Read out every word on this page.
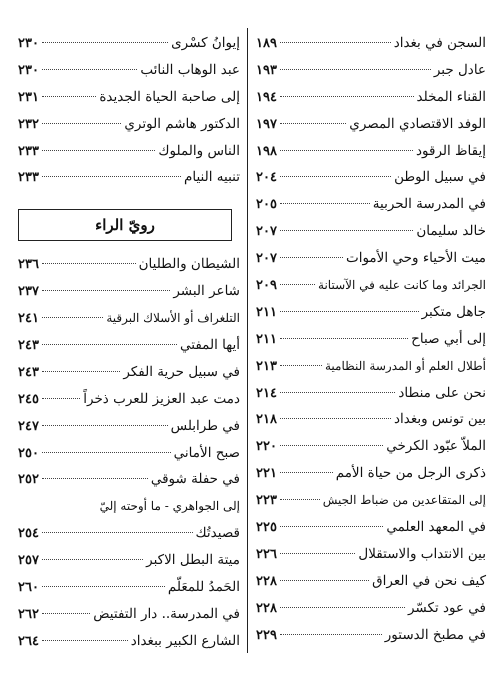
السجن في بغداد
١٨٩
عادل جبر
١٩٣
القناء المخلد
١٩٤
الوفد الاقتصادي المصري
١٩٧
إيقاظ الرقود
١٩٨
في سبيل الوطن
٢٠٤
في المدرسة الحربية
٢٠٥
خالد سليمان
٢٠٧
ميت الأحياء وحي الأموات
٢٠٧
الجرائد وما كانت عليه في الآستانة
٢٠٩
جاهل متكبر
٢١١
إلى أبي صباح
٢١١
أطلال العلم أو المدرسة النظامية
٢١٣
نحن على منطاد
٢١٤
بين تونس وبغداد
٢١٨
الملاّ عبّود الكرخي
٢٢٠
ذكرى الرجل من حياة الأمم
٢٢١
إلى المتقاعدين من ضباط الجيش
٢٢٣
في المعهد العلمي
٢٢٥
بين الانتداب والاستقلال
٢٢٦
كيف نحن في العراق
٢٢٨
في عود تكسّر
٢٢٨
في مطبخ الدستور
٢٢٩
إيوانُ كسْرى
٢٣٠
عبد الوهاب النائب
٢٣٠
إلى صاحبة الحياة الجديدة
٢٣١
الدكتور هاشم الوتري
٢٣٢
الناس والملوك
٢٣٣
تنبيه النيام
٢٣٣
رويّ الراء
الشيطان والطليان
٢٣٦
شاعر البشر
٢٣٧
التلغراف أو الأسلاك البرقية
٢٤١
أيها المفتي
٢٤٣
في سبيل حرية الفكر
٢٤٣
دمت عبد العزيز للعرب ذخراً
٢٤٥
في طرابلس
٢٤٧
صبح الأماني
٢٥٠
في حفلة شوقي
٢٥٢
إلى الجواهري - ما أوحته إليّ
قصيدتُك
٢٥٤
ميتة البطل الاكبر
٢٥٧
الحَمدُ للمعَلّم
٢٦٠
في المدرسة.. دار التفتيض
٢٦٢
الشارع الكبير ببغداد
٢٦٤
